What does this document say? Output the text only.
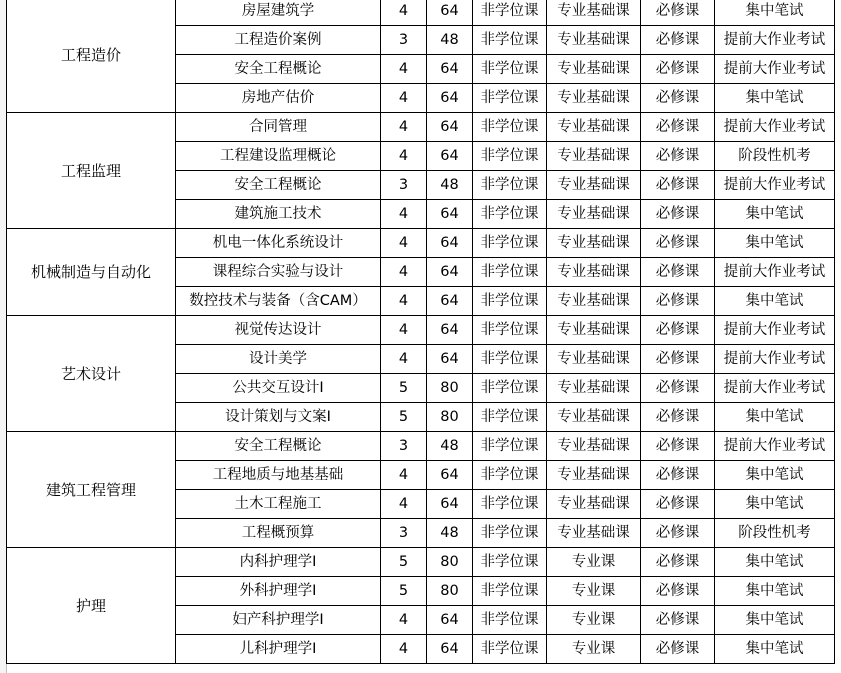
工程造价	房屋建筑学	4	64	非学位课	专业基础课	必修课	集中笔试
	工程造价案例	3	48	非学位课	专业基础课	必修课	提前大作业考试
	安全工程概论	4	64	非学位课	专业基础课	必修课	提前大作业考试
	房地产估价	4	64	非学位课	专业基础课	必修课	集中笔试
工程监理	合同管理	4	64	非学位课	专业基础课	必修课	提前大作业考试
	工程建设监理概论	4	64	非学位课	专业基础课	必修课	阶段性机考
	安全工程概论	3	48	非学位课	专业基础课	必修课	提前大作业考试
	建筑施工技术	4	64	非学位课	专业基础课	必修课	集中笔试
机械制造与自动化	机电一体化系统设计	4	64	非学位课	专业基础课	必修课	集中笔试
	课程综合实验与设计	4	64	非学位课	专业基础课	必修课	提前大作业考试
	数控技术与装备（含CAM）	4	64	非学位课	专业基础课	必修课	集中笔试
艺术设计	视觉传达设计	4	64	非学位课	专业基础课	必修课	提前大作业考试
	设计美学	4	64	非学位课	专业基础课	必修课	提前大作业考试
	公共交互设计Ⅰ	5	80	非学位课	专业基础课	必修课	提前大作业考试
	设计策划与文案Ⅰ	5	80	非学位课	专业基础课	必修课	集中笔试
建筑工程管理	安全工程概论	3	48	非学位课	专业基础课	必修课	提前大作业考试
	工程地质与地基基础	4	64	非学位课	专业基础课	必修课	集中笔试
	土木工程施工	4	64	非学位课	专业基础课	必修课	集中笔试
	工程概预算	3	48	非学位课	专业基础课	必修课	阶段性机考
护理	内科护理学Ⅰ	5	80	非学位课	专业课	必修课	集中笔试
	外科护理学Ⅰ	5	80	非学位课	专业课	必修课	集中笔试
	妇产科护理学Ⅰ	4	64	非学位课	专业课	必修课	集中笔试
	儿科护理学Ⅰ	4	64	非学位课	专业课	必修课	集中笔试
